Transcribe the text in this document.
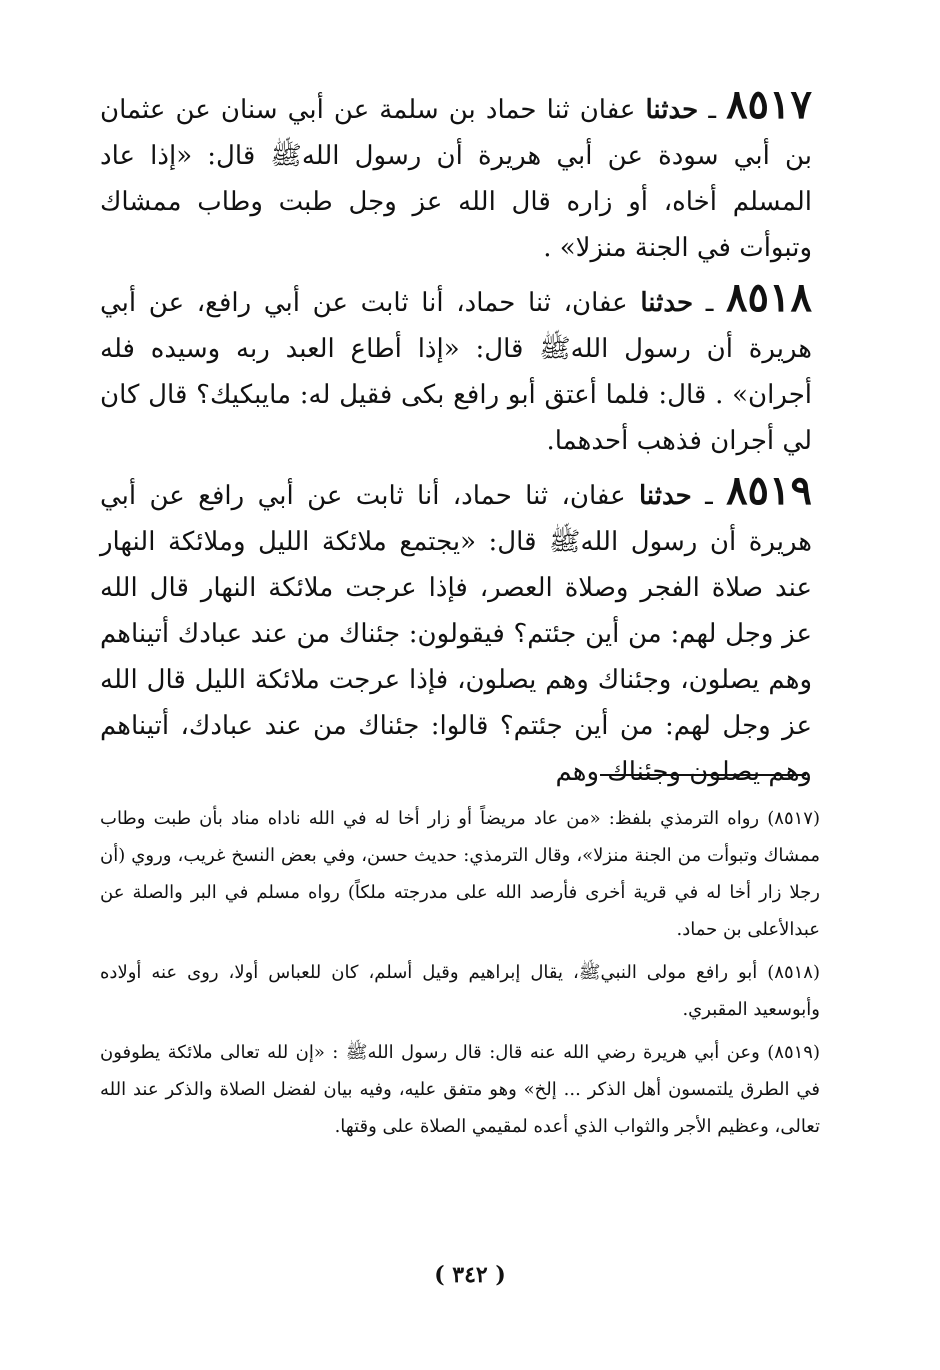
٨٥١٧ ـ حدثنا عفان ثنا حماد بن سلمة عن أبي سنان عن عثمان بن أبي سودة عن أبي هريرة أن رسول اللهﷺ قال: «إذا عاد المسلم أخاه، أو زاره قال الله عز وجل طبت وطاب ممشاك وتبوأت في الجنة منزلا» .

٨٥١٨ ـ حدثنا عفان، ثنا حماد، أنا ثابت عن أبي رافع، عن أبي هريرة أن رسول اللهﷺ قال: «إذا أطاع العبد ربه وسيده فله أجران» . قال: فلما أعتق أبو رافع بكى فقيل له: مايبكيك؟ قال كان لي أجران فذهب أحدهما.

٨٥١٩ ـ حدثنا عفان، ثنا حماد، أنا ثابت عن أبي رافع عن أبي هريرة أن رسول اللهﷺ قال: «يجتمع ملائكة الليل وملائكة النهار عند صلاة الفجر وصلاة العصر، فإذا عرجت ملائكة النهار قال الله عز وجل لهم: من أين جئتم؟ فيقولون: جئناك من عند عبادك أتيناهم وهم يصلون، وجئناك وهم يصلون، فإذا عرجت ملائكة الليل قال الله عز وجل لهم: من أين جئتم؟ قالوا: جئناك من عند عبادك، أتيناهم وهم يصلون وجئناك وهم

(٨٥١٧) رواه الترمذي بلفظ: «من عاد مريضاً أو زار أخا له في الله ناداه مناد بأن طبت وطاب ممشاك وتبوأت من الجنة منزلا»، وقال الترمذي: حديث حسن، وفي بعض النسخ غريب، وروي (أن رجلا زار أخا له في قرية أخرى فأرصد الله على مدرجته ملكاً) رواه مسلم في البر والصلة عن عبدالأعلى بن حماد.

(٨٥١٨) أبو رافع مولى النبيﷺ، يقال إبراهيم وقيل أسلم، كان للعباس أولا، روى عنه أولاده وأبوسعيد المقبري.

(٨٥١٩) وعن أبي هريرة رضي الله عنه قال: قال رسول اللهﷺ : «إن لله تعالى ملائكة يطوفون في الطرق يلتمسون أهل الذكر ... إلخ» وهو متفق عليه، وفيه بيان لفضل الصلاة والذكر عند الله تعالى، وعظيم الأجر والثواب الذي أعده لمقيمي الصلاة على وقتها.

( ٣٤٢ )
